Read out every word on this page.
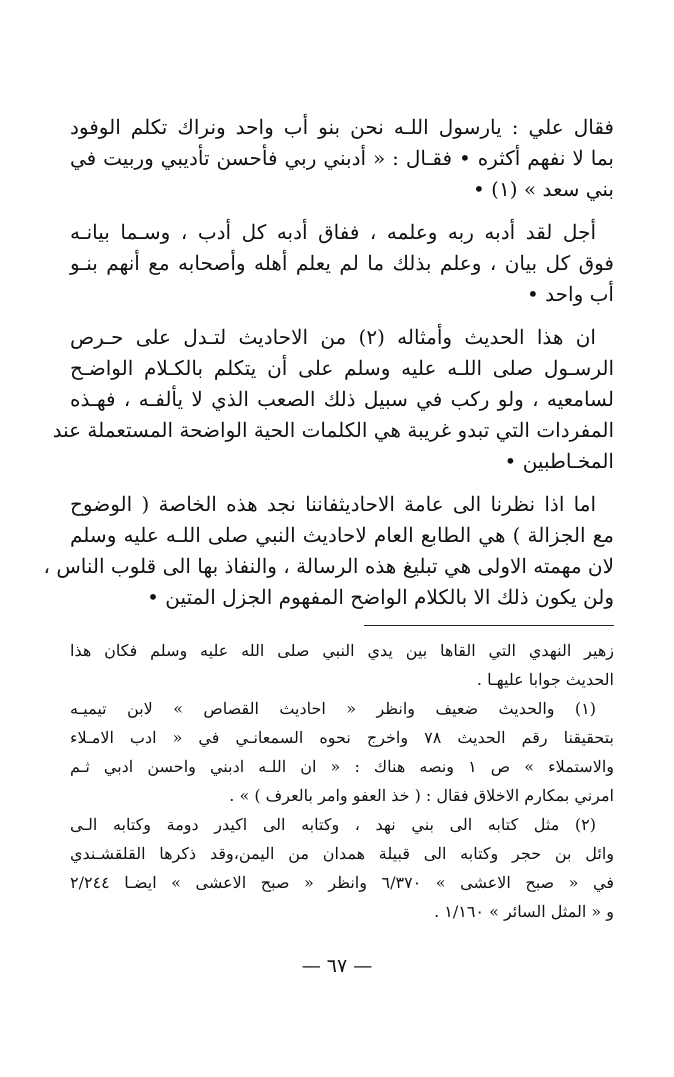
فقال علي : يارسول اللـه نحن بنو أب واحد ونراك تكلم الوفود
بما لا نفهم أكثره • فقـال : « أدبني ربي فأحسن تأديبي وربيت في
بني سعد » (١) •

أجل لقد أدبه ربه وعلمه ، ففاق أدبه كل أدب ، وسـما بيانـه
فوق كل بيان ، وعلم بذلك ما لم يعلم أهله وأصحابه مع أنهم بنـو
أب واحد •

ان هذا الحديث وأمثاله (٢) من الاحاديث لتـدل على حـرص
الرسـول صلى اللـه عليه وسلم على أن يتكلم بالكـلام الواضـح
لسامعيه ، ولو ركب في سبيل ذلك الصعب الذي لا يألفـه ، فهـذه
المفردات التي تبدو غريبة هي الكلمات الحية الواضحة المستعملة عند
المخـاطبين •

اما اذا نظرنا الى عامة الاحاديثفاننا نجد هذه الخاصة ( الوضوح
مع الجزالة ) هي الطابع العام لاحاديث النبي صلى اللـه عليه وسلم
لان مهمته الاولى هي تبليغ هذه الرسالة ، والنفاذ بها الى قلوب الناس ،
ولن يكون ذلك الا بالكلام الواضح المفهوم الجزل المتين •

زهير النهدي التي القاها بين يدي النبي صلى الله عليه وسلم فكان هذا
الحديث جوابا عليهـا .

(١) والحديث ضعيف وانظر « احاديث القصاص » لابن تيميـه
بتحقيقنا رقم الحديث ٧٨ واخرج نحوه السمعانـي في « ادب الامـلاء
والاستملاء » ص ١ ونصه هناك : « ان اللـه ادبني واحسن ادبي ثـم
امرني بمكارم الاخلاق فقال : ( خذ العفو وامر بالعرف ) » .

(٢) مثل كتابه الى بني نهد ، وكتابه الى اكيدر دومة وكتابه الـى
وائل بن حجر وكتابه الى قبيلة همدان من اليمن،وقد ذكرها القلقشـندي
في « صبح الاعشى » ٦/٣٧٠ وانظر « صبح الاعشى » ايضـا ٢/٢٤٤
و « المثل السائر » ١/١٦٠ .

— ٦٧ —
